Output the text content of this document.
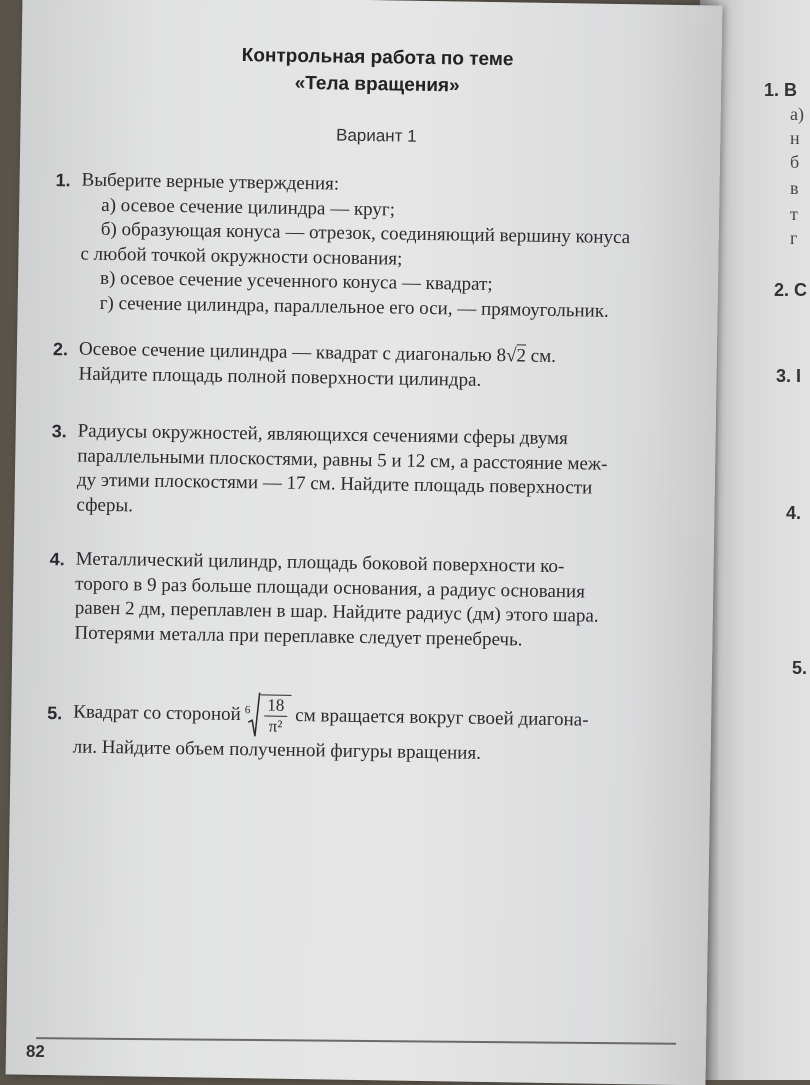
1. В
а)
н
б
в
т
г
2. С
3. I
4.
5.
Контрольная работа по теме
«Тела вращения»
Вариант 1
1. Выберите верные утверждения:
а) осевое сечение цилиндра — круг;
б) образующая конуса — отрезок, соединяющий вершину конуса
с любой точкой окружности основания;
в) осевое сечение усеченного конуса — квадрат;
г) сечение цилиндра, параллельное его оси, — прямоугольник.
2. Осевое сечение цилиндра — квадрат с диагональю 8√2 см.
Найдите площадь полной поверхности цилиндра.
3. Радиусы окружностей, являющихся сечениями сферы двумя
параллельными плоскостями, равны 5 и 12 см, а расстояние меж-
ду этими плоскостями — 17 см. Найдите площадь поверхности
сферы.
4. Металлический цилиндр, площадь боковой поверхности ко-
торого в 9 раз больше площади основания, а радиус основания
равен 2 дм, переплавлен в шар. Найдите радиус (дм) этого шара.
Потерями металла при переплавке следует пренебречь.
5. Квадрат со стороной $6 \frac{18}{\text{π²}}$ см вращается вокруг своей диагона-
ли. Найдите объем полученной фигуры вращения.
82
